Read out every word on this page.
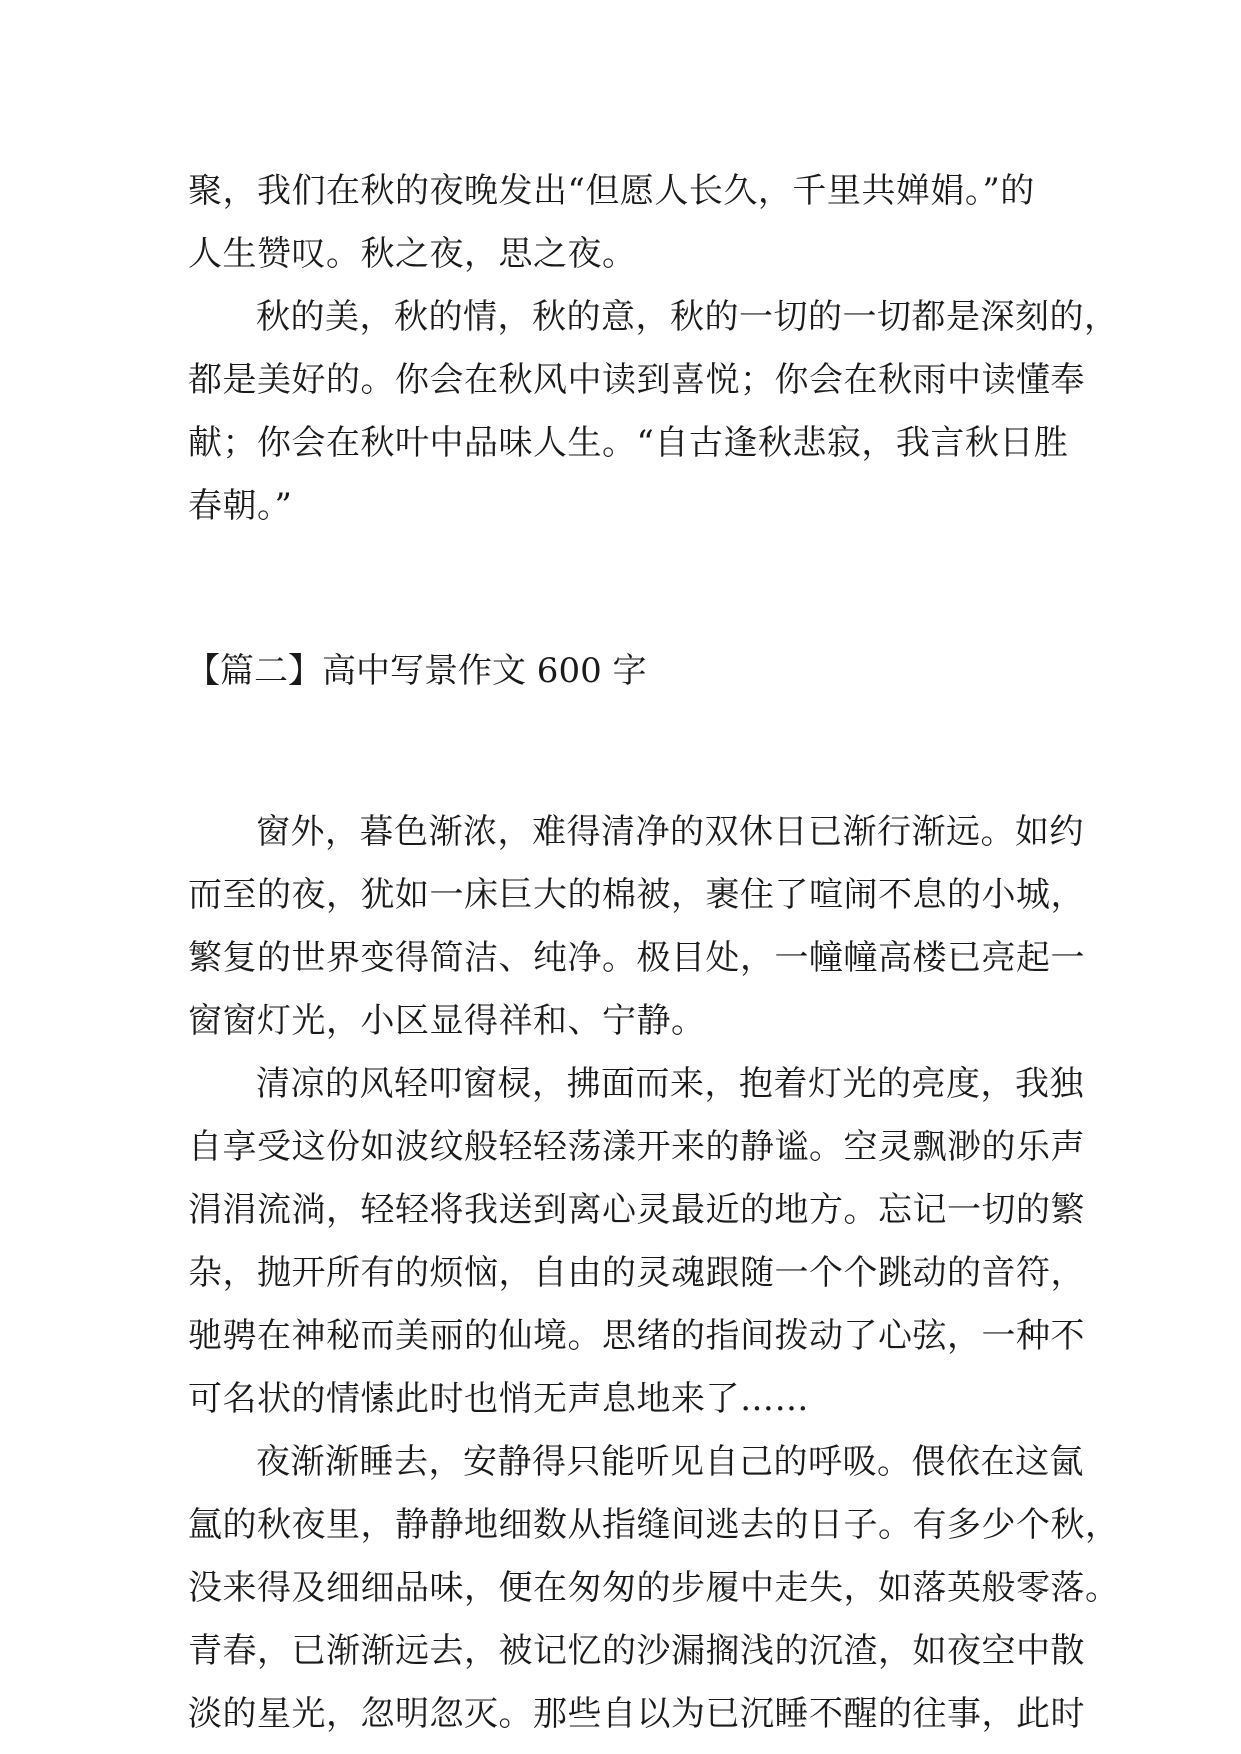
聚，我们在秋的夜晚发出“但愿人长久，千里共婵娟。”的
人生赞叹。秋之夜，思之夜。
秋的美，秋的情，秋的意，秋的一切的一切都是深刻的，
都是美好的。你会在秋风中读到喜悦；你会在秋雨中读懂奉
献；你会在秋叶中品味人生。“自古逢秋悲寂，我言秋日胜
春朝。”
【篇二】高中写景作文 600 字
窗外，暮色渐浓，难得清净的双休日已渐行渐远。如约
而至的夜，犹如一床巨大的棉被，裹住了喧闹不息的小城，
繁复的世界变得简洁、纯净。极目处，一幢幢高楼已亮起一
窗窗灯光，小区显得祥和、宁静。
清凉的风轻叩窗棂，拂面而来，抱着灯光的亮度，我独
自享受这份如波纹般轻轻荡漾开来的静谧。空灵飘渺的乐声
涓涓流淌，轻轻将我送到离心灵最近的地方。忘记一切的繁
杂，抛开所有的烦恼，自由的灵魂跟随一个个跳动的音符，
驰骋在神秘而美丽的仙境。思绪的指间拨动了心弦，一种不
可名状的情愫此时也悄无声息地来了……
夜渐渐睡去，安静得只能听见自己的呼吸。偎依在这氤
氲的秋夜里，静静地细数从指缝间逃去的日子。有多少个秋，
没来得及细细品味，便在匆匆的步履中走失，如落英般零落。
青春，已渐渐远去，被记忆的沙漏搁浅的沉渣，如夜空中散
淡的星光，忽明忽灭。那些自以为已沉睡不醒的往事，此时
